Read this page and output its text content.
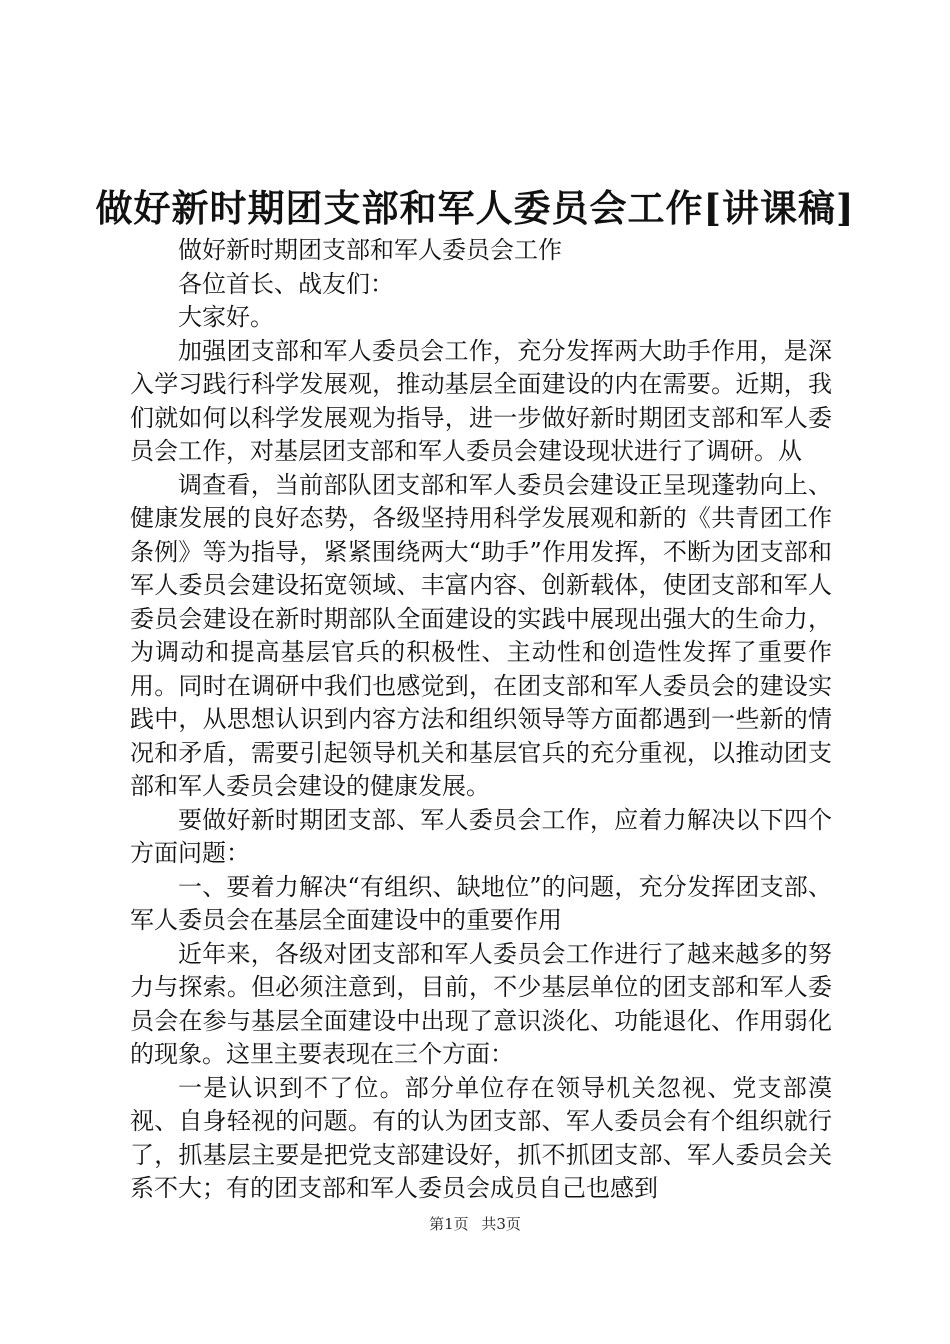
做好新时期团支部和军人委员会工作[讲课稿]

做好新时期团支部和军人委员会工作

各位首长、战友们：

大家好。

加强团支部和军人委员会工作，充分发挥两大助手作用，是深入学习践行科学发展观，推动基层全面建设的内在需要。近期，我们就如何以科学发展观为指导，进一步做好新时期团支部和军人委员会工作，对基层团支部和军人委员会建设现状进行了调研。从

调查看，当前部队团支部和军人委员会建设正呈现蓬勃向上、健康发展的良好态势，各级坚持用科学发展观和新的《共青团工作条例》等为指导，紧紧围绕两大“助手”作用发挥，不断为团支部和军人委员会建设拓宽领域、丰富内容、创新载体，使团支部和军人委员会建设在新时期部队全面建设的实践中展现出强大的生命力，为调动和提高基层官兵的积极性、主动性和创造性发挥了重要作用。同时在调研中我们也感觉到，在团支部和军人委员会的建设实践中，从思想认识到内容方法和组织领导等方面都遇到一些新的情况和矛盾，需要引起领导机关和基层官兵的充分重视，以推动团支部和军人委员会建设的健康发展。

要做好新时期团支部、军人委员会工作，应着力解决以下四个方面问题：

一、要着力解决“有组织、缺地位”的问题，充分发挥团支部、军人委员会在基层全面建设中的重要作用

近年来，各级对团支部和军人委员会工作进行了越来越多的努力与探索。但必须注意到，目前，不少基层单位的团支部和军人委员会在参与基层全面建设中出现了意识淡化、功能退化、作用弱化的现象。这里主要表现在三个方面：

一是认识到不了位。部分单位存在领导机关忽视、党支部漠视、自身轻视的问题。有的认为团支部、军人委员会有个组织就行了，抓基层主要是把党支部建设好，抓不抓团支部、军人委员会关系不大；有的团支部和军人委员会成员自己也感到

第1页 共3页
